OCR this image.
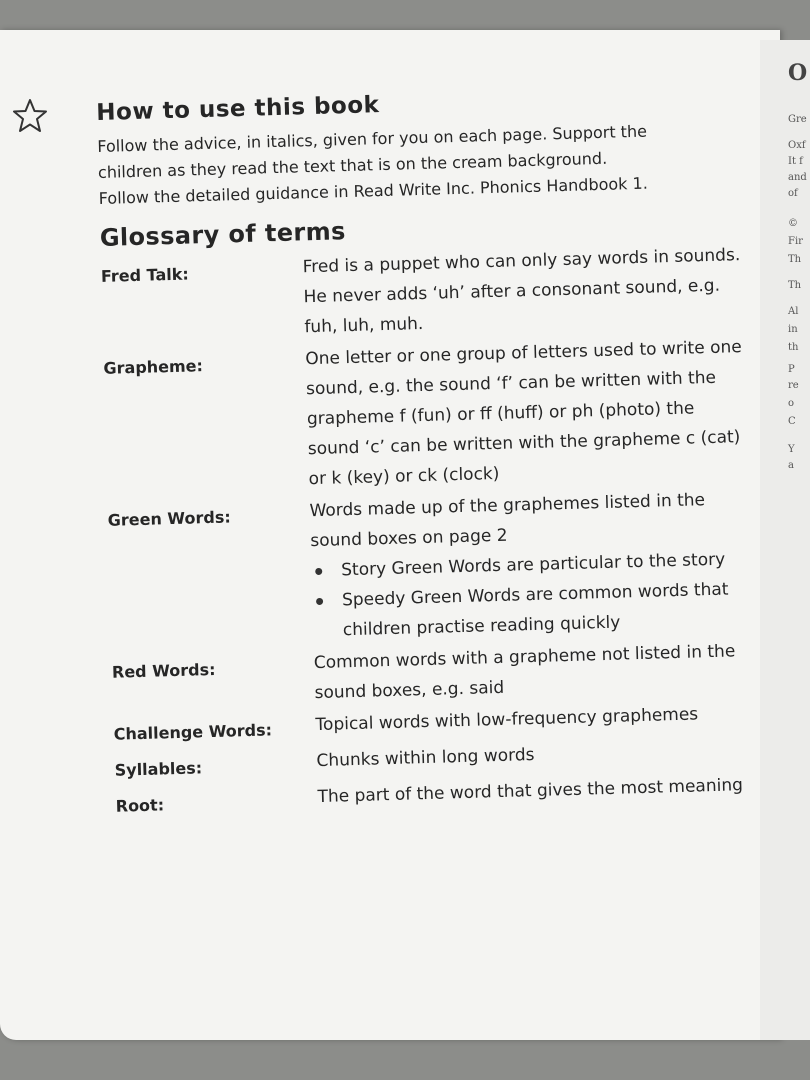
O
Gre
Oxf
It f
and
of
©
Fir
Th
Th
Al
in
th
P
re
o
C
Y
a
How to use this book

Follow the advice, in italics, given for you on each page. Support the children as they read the text that is on the cream background. Follow the detailed guidance in Read Write Inc. Phonics Handbook 1.

Glossary of terms
Fred Talk:	Fred is a puppet who can only say words in sounds. He never adds ‘uh’ after a consonant sound, e.g. fuh, luh, muh.
Grapheme:	One letter or one group of letters used to write one sound, e.g. the sound ‘f’ can be written with the grapheme f (fun) or ff (huff) or ph (photo) the sound ‘c’ can be written with the grapheme c (cat) or k (key) or ck (clock)
Green Words:	Words made up of the graphemes listed in the sound boxes on page 2
Story Green Words are particular to the story
Speedy Green Words are common words that children practise reading quickly
Red Words:	Common words with a grapheme not listed in the sound boxes, e.g. said
Challenge Words:	Topical words with low-frequency graphemes
Syllables:	Chunks within long words
Root:	The part of the word that gives the most meaning
